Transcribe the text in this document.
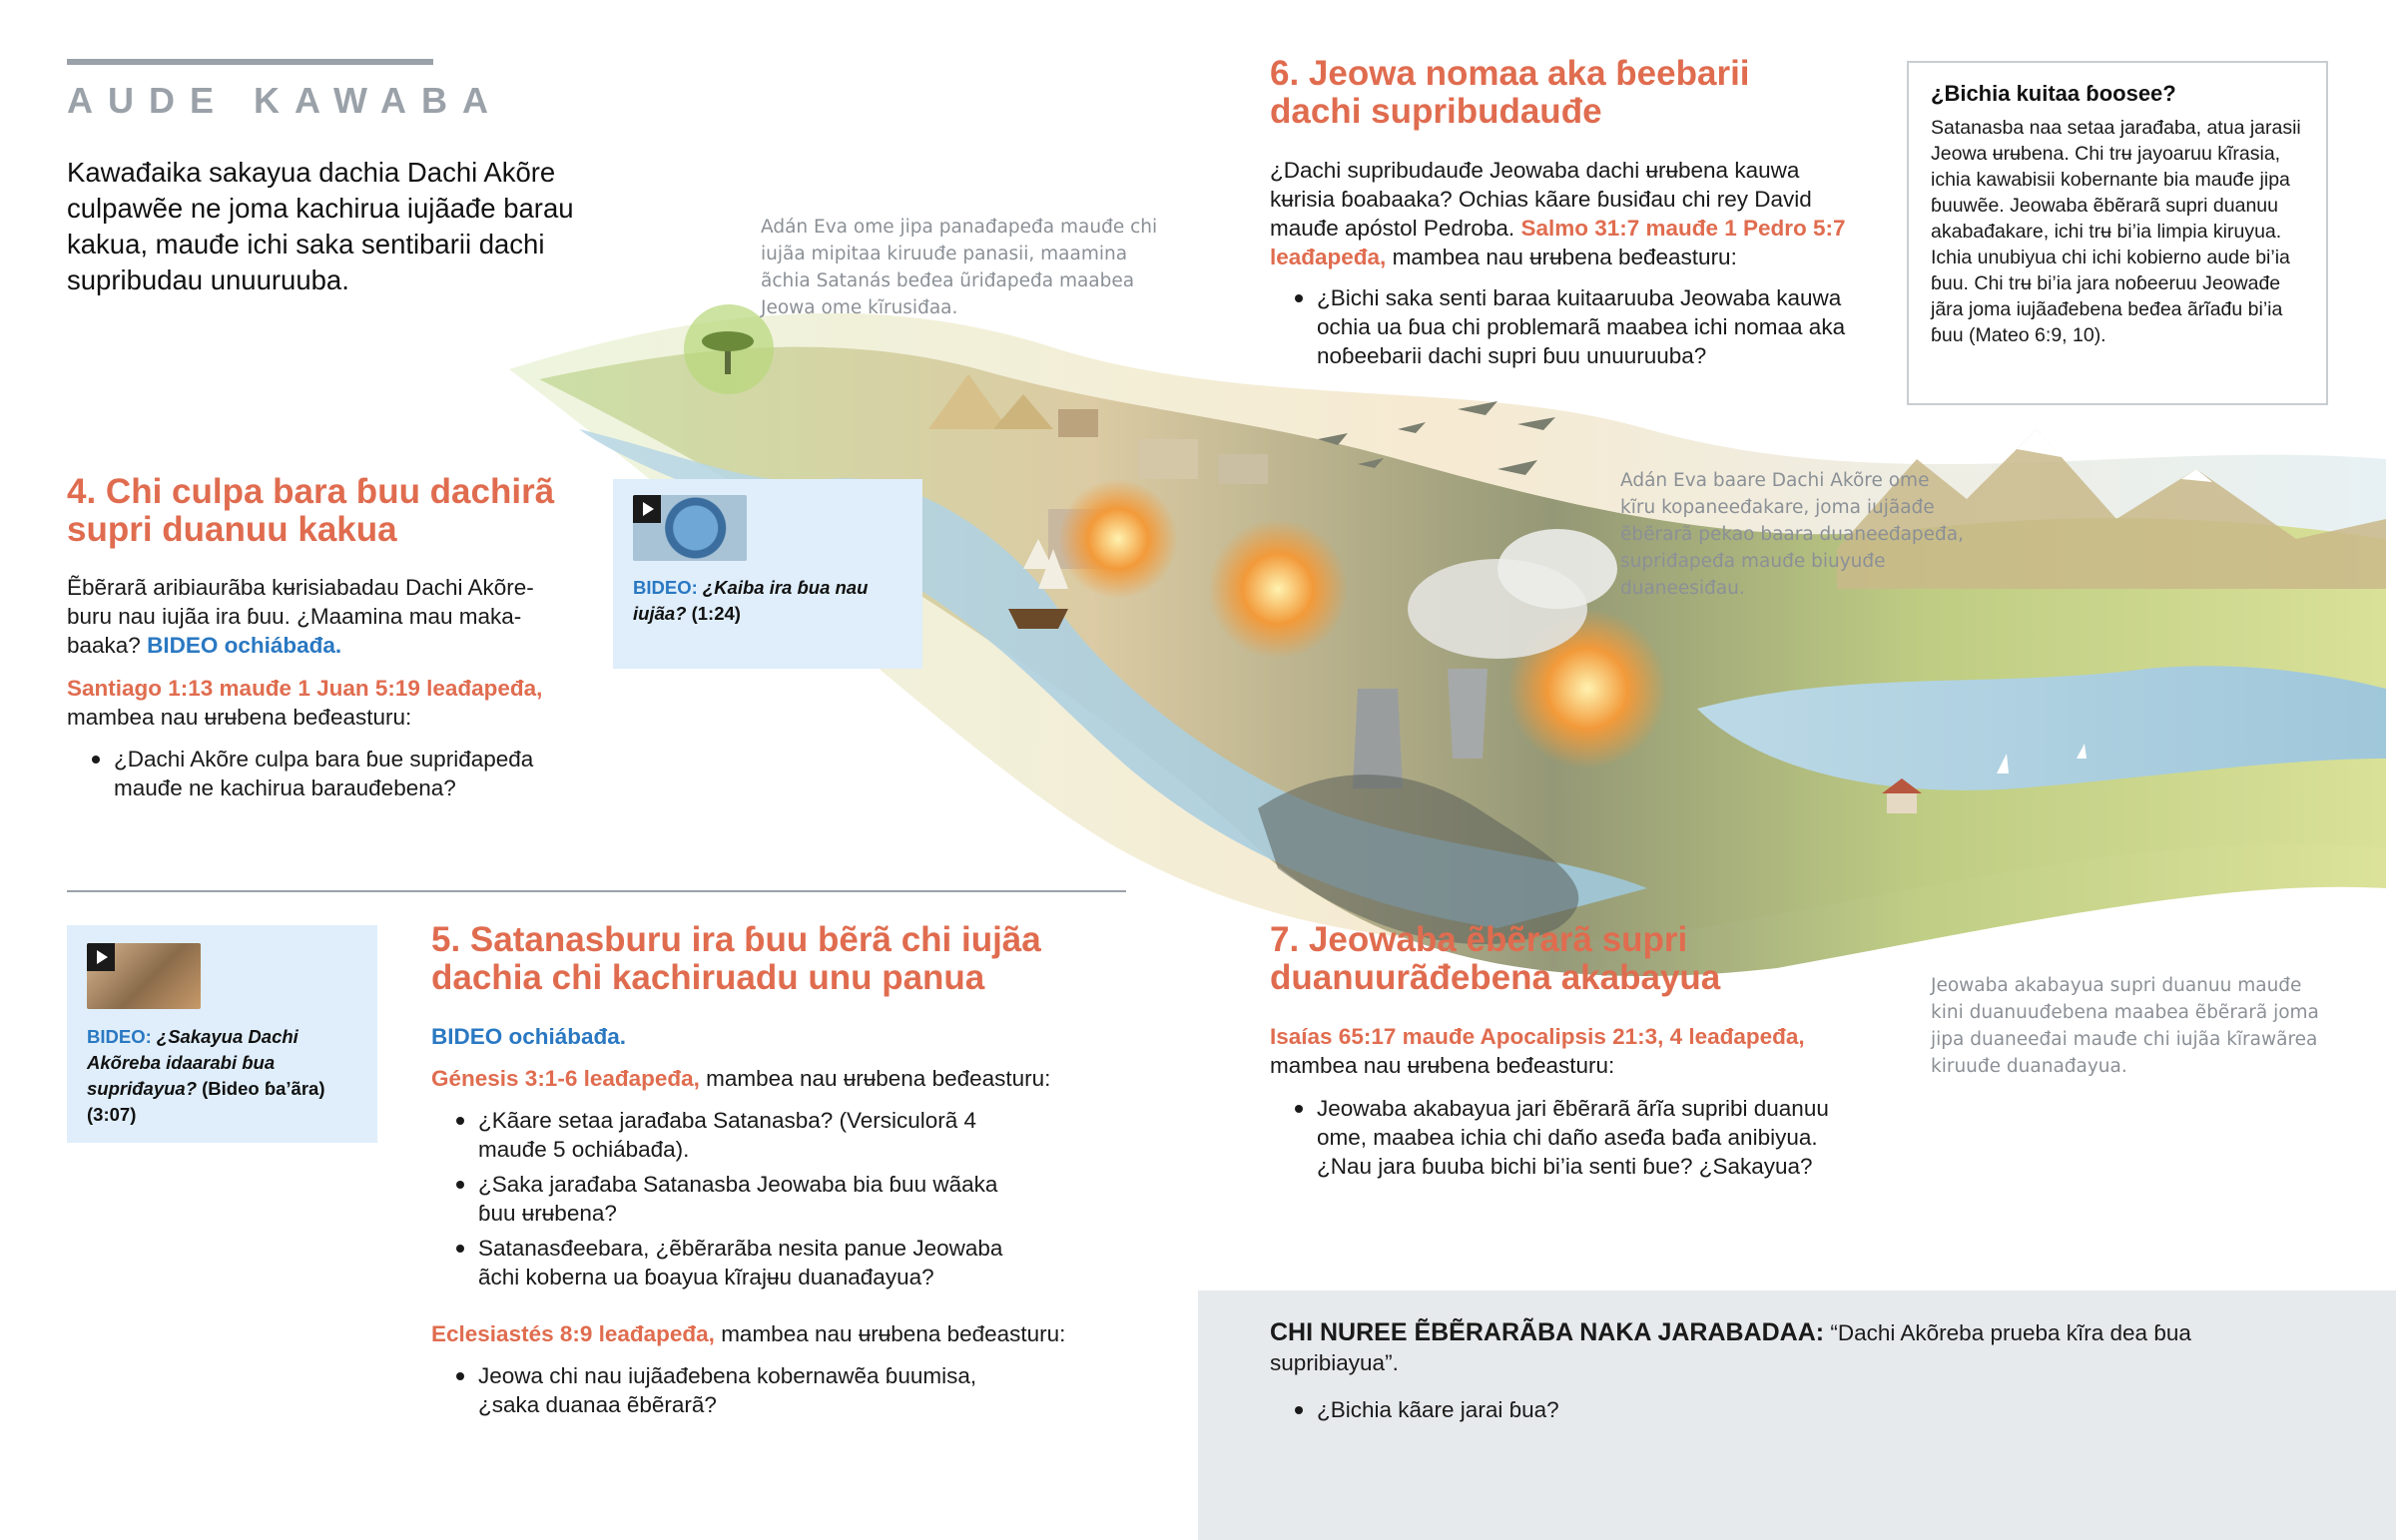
AUDE KAWABA
Kawađaika sakayua dachia Dachi Akõre culpawẽe ne joma kachirua iujãađe barau kakua, mauđe ichi saka sentibarii dachi supribudau unuuruuba.
Adán Eva ome jipa panađapeđa mauđe chi iujãa mipitaa kiruuđe panasii, maamina ãchia Satanás beđea ũriđapeđa maabea Jeowa ome kĩrusiđaa.
Adán Eva baare Dachi Akõre ome kĩru kopaneeđakare, joma iujãađe ẽbẽrarã pekao baara duaneeđapeđa, supriđapeđa mauđe biuyuđe duaneesiđau.
Jeowaba akabayua supri duanuu mauđe kini duanuuđebena maabea ẽbẽrarã joma jipa duaneeđai mauđe chi iujãa kĩrawãrea kiruuđe duanađayua.
4. Chi culpa bara ɓuu dachirã supri duanuu kakua
Ẽbẽrarã aribiaurãba kʉrisiabadau Dachi Akõre-buru nau iujãa ira ɓuu. ¿Maamina mau maka-baaka? BIDEO ochiábađa.
Santiago 1:13 mauđe 1 Juan 5:19 leađapeđa, mambea nau ʉrʉbena beđeasturu:
¿Dachi Akõre culpa bara ɓue supriđapeđa mauđe ne kachirua barauđebena?
BIDEO: ¿Kaiba ira ɓua nau iujãa? (1:24)
BIDEO: ¿Sakayua Dachi Akõreba idaarabi ɓua supriđayua? (Bideo ɓa’ãra) (3:07)
5. Satanasburu ira ɓuu bẽrã chi iujãa dachia chi kachiruadu unu panua
BIDEO ochiábađa.
Génesis 3:1-6 leađapeđa, mambea nau ʉrʉbena beđeasturu:
¿Kãare setaa jarađaba Satanasba? (Versiculorã 4 mauđe 5 ochiábađa).
¿Saka jarađaba Satanasba Jeowaba bia ɓuu wãaka ɓuu ʉrʉbena?
Satanasđeebara, ¿ẽbẽrarãba nesita panue Jeowaba ãchi koberna ua ɓoayua kĩrajʉu duanađayua?
Eclesiastés 8:9 leađapeđa, mambea nau ʉrʉbena beđeasturu:
Jeowa chi nau iujãađebena kobernawẽa ɓuumisa, ¿saka duanaa ẽbẽrarã?
6. Jeowa nomaa aka ɓeebarii dachi supribudauđe
¿Dachi supribudauđe Jeowaba dachi ʉrʉbena kauwa kʉrisia ɓoabaaka? Ochias kãare ɓusiđau chi rey David mauđe apóstol Pedroba. Salmo 31:7 mauđe 1 Pedro 5:7 leađapeđa, mambea nau ʉrʉbena beđeasturu:
¿Bichi saka senti baraa kuitaaruuba Jeowaba kauwa ochia ua ɓua chi problemarã maabea ichi nomaa aka noɓeebarii dachi supri ɓuu unuuruuba?
¿Bichia kuitaa ɓoosee?

Satanasba naa setaa jarađaba, atua jarasii Jeowa ʉrʉbena. Chi trʉ jayoaruu kĩrasia, ichia kawabisii kobernante bia mauđe jipa ɓuuwẽe. Jeowaba ẽbẽrarã supri duanuu akabađakare, ichi trʉ bi’ia limpia kiruyua. Ichia unubiyua chi ichi kobierno aude bi’ia ɓuu. Chi trʉ bi’ia jara noɓeeruu Jeowađe jãra joma iujãađebena beđea ãrĩađu bi’ia ɓuu (Mateo 6:9, 10).

7. Jeowaba ẽbẽrarã supri duanuurãđebena akabayua
Isaías 65:17 mauđe Apocalipsis 21:3, 4 leađapeđa,
mambea nau ʉrʉbena beđeasturu:
Jeowaba akabayua jari ẽbẽrarã ãrĩa supribi duanuu ome, maabea ichia chi daño aseđa bađa anibiyua. ¿Nau jara ɓuuba bichi bi’ia senti ɓue? ¿Sakayua?
CHI NUREE ẼBẼRARÃBA NAKA JARABADAA: “Dachi Akõreba prueba kĩra dea ɓua supribiayua”.
¿Bichia kãare jarai ɓua?
